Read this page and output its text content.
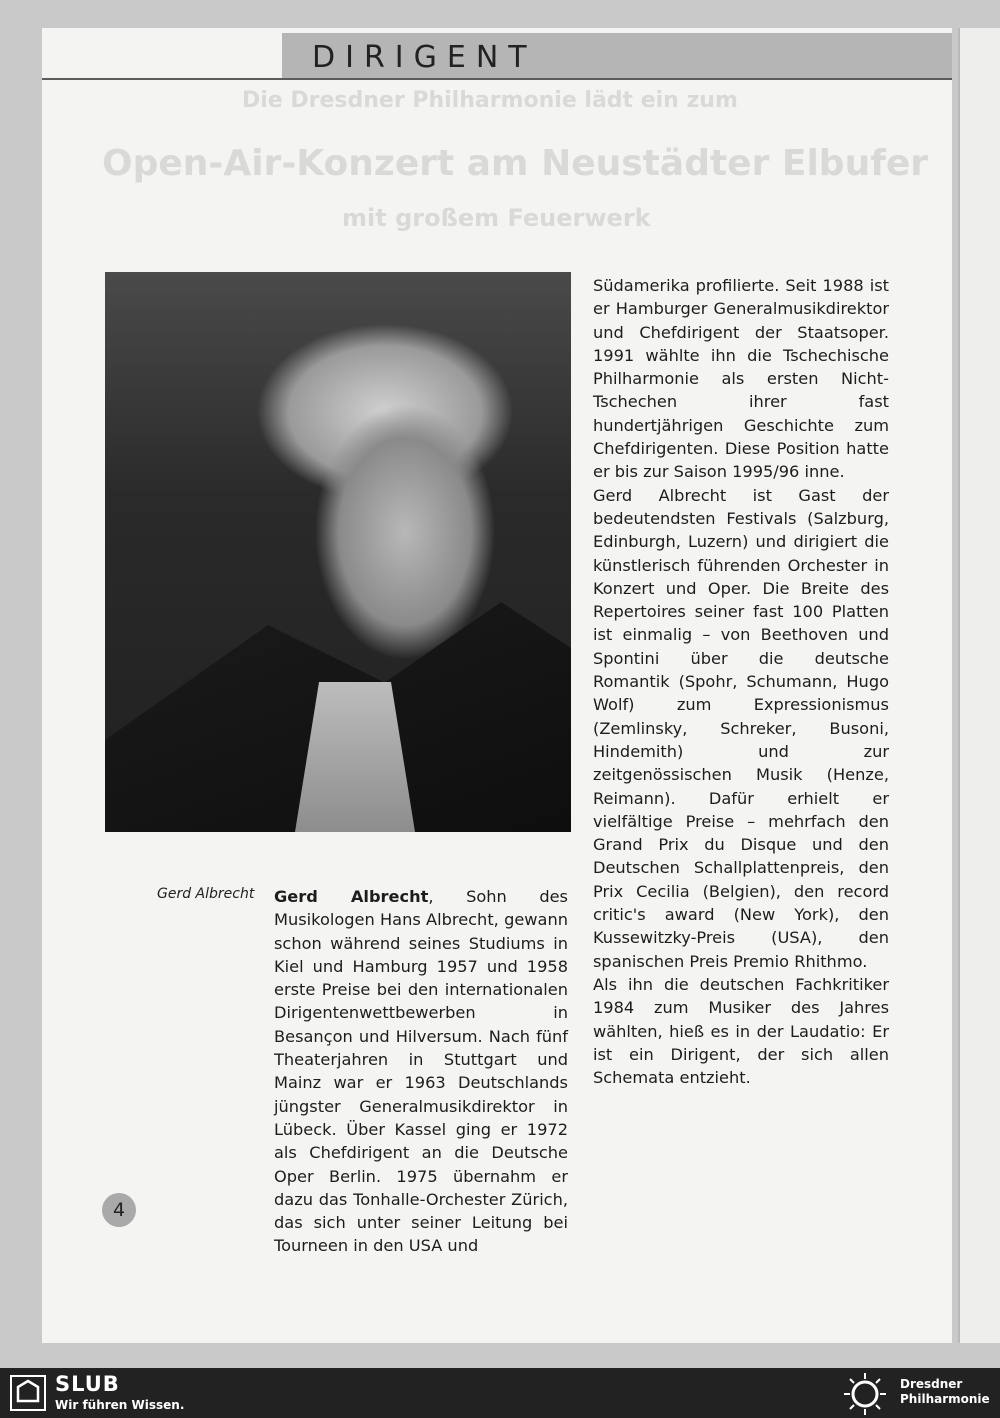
DIRIGENT
Die Dresdner Philharmonie lädt ein zum
Open-Air-Konzert am Neustädter Elbufer
mit großem Feuerwerk
Gerd Albrecht Gerd Albrecht, Sohn des Musikologen Hans Albrecht, gewann schon während seines Studiums in Kiel und Hamburg 1957 und 1958 erste Preise bei den internationalen Dirigentenwettbewerben in Besançon und Hilversum. Nach fünf Theaterjahren in Stuttgart und Mainz war er 1963 Deutschlands jüngster Generalmusikdirektor in Lübeck. Über Kassel ging er 1972 als Chefdirigent an die Deutsche Oper Berlin. 1975 übernahm er dazu das Tonhalle-Orchester Zürich, das sich unter seiner Leitung bei Tourneen in den USA und

Südamerika profilierte. Seit 1988 ist er Hamburger Generalmusikdirektor und Chefdirigent der Staatsoper. 1991 wählte ihn die Tschechische Philharmonie als ersten Nicht-Tschechen ihrer fast hundertjährigen Geschichte zum Chefdirigenten. Diese Position hatte er bis zur Saison 1995/96 inne.

Gerd Albrecht ist Gast der bedeutendsten Festivals (Salzburg, Edinburgh, Luzern) und dirigiert die künstlerisch führenden Orchester in Konzert und Oper. Die Breite des Repertoires seiner fast 100 Platten ist einmalig – von Beethoven und Spontini über die deutsche Romantik (Spohr, Schumann, Hugo Wolf) zum Expressionismus (Zemlinsky, Schreker, Busoni, Hindemith) und zur zeitgenössischen Musik (Henze, Reimann). Dafür erhielt er vielfältige Preise – mehrfach den Grand Prix du Disque und den Deutschen Schallplattenpreis, den Prix Cecilia (Belgien), den record critic's award (New York), den Kussewitzky-Preis (USA), den spanischen Preis Premio Rhithmo.

Als ihn die deutschen Fachkritiker 1984 zum Musiker des Jahres wählten, hieß es in der Laudatio: Er ist ein Dirigent, der sich allen Schemata entzieht.

4
SLUB
Wir führen Wissen.
Dresdner Philharmonie
